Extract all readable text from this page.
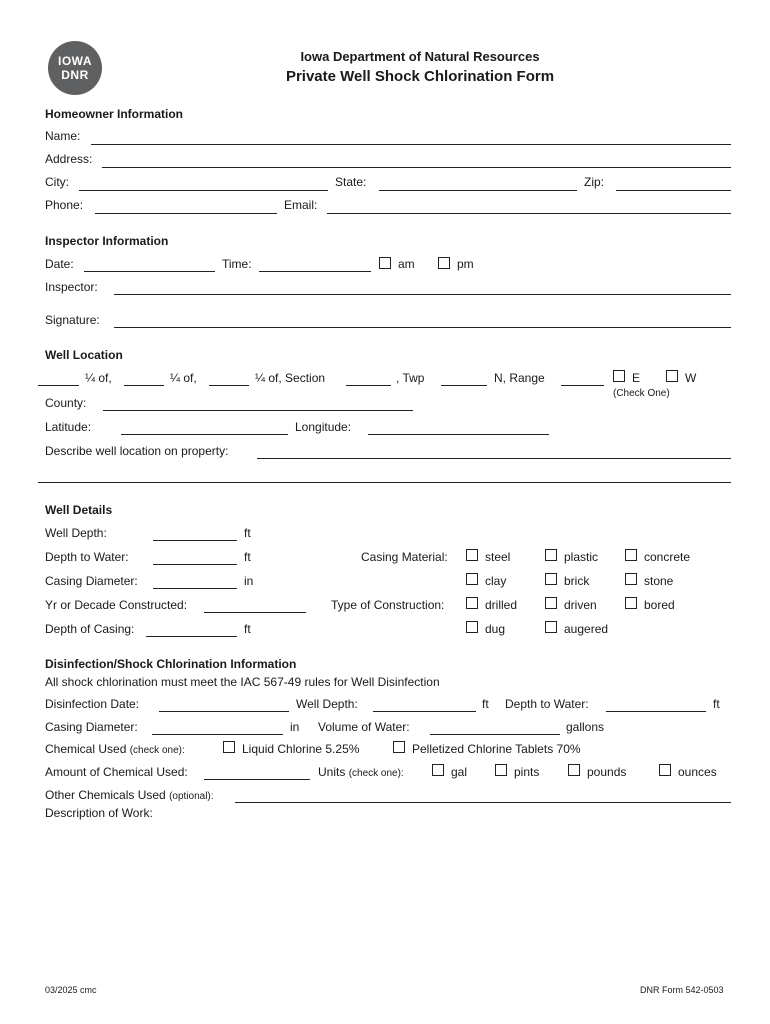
IOWA
DNR
Iowa Department of Natural Resources
Private Well Shock Chlorination Form
Homeowner Information
Name:
Address:
City:	State:	Zip:
Phone:	Email:
Inspector Information
Date:	Time:	am	pm
Inspector:
Signature:
Well Location
¼ of,	¼ of,	¼ of, Section	, Twp	N, Range	E	W
(Check One)
County:
Latitude:	Longitude:
Describe well location on property:
Well Details
Well Depth:	ft
Depth to Water:	ft	Casing Material:	steel	plastic	concrete
Casing Diameter:	in	clay	brick	stone
Yr or Decade Constructed:	Type of Construction:	drilled	driven	bored
Depth of Casing:	ft	dug	augered
Disinfection/Shock Chlorination Information
All shock chlorination must meet the IAC 567-49 rules for Well Disinfection
Disinfection Date:	Well Depth:	ft Depth to Water:	ft
Casing Diameter:	in Volume of Water:	gallons
Chemical Used (check one):	Liquid Chlorine 5.25%	Pelletized Chlorine Tablets 70%
Amount of Chemical Used:	Units (check one):	gal	pints	pounds	ounces
Other Chemicals Used (optional):
Description of Work:
03/2025 cmc	DNR Form 542-0503
